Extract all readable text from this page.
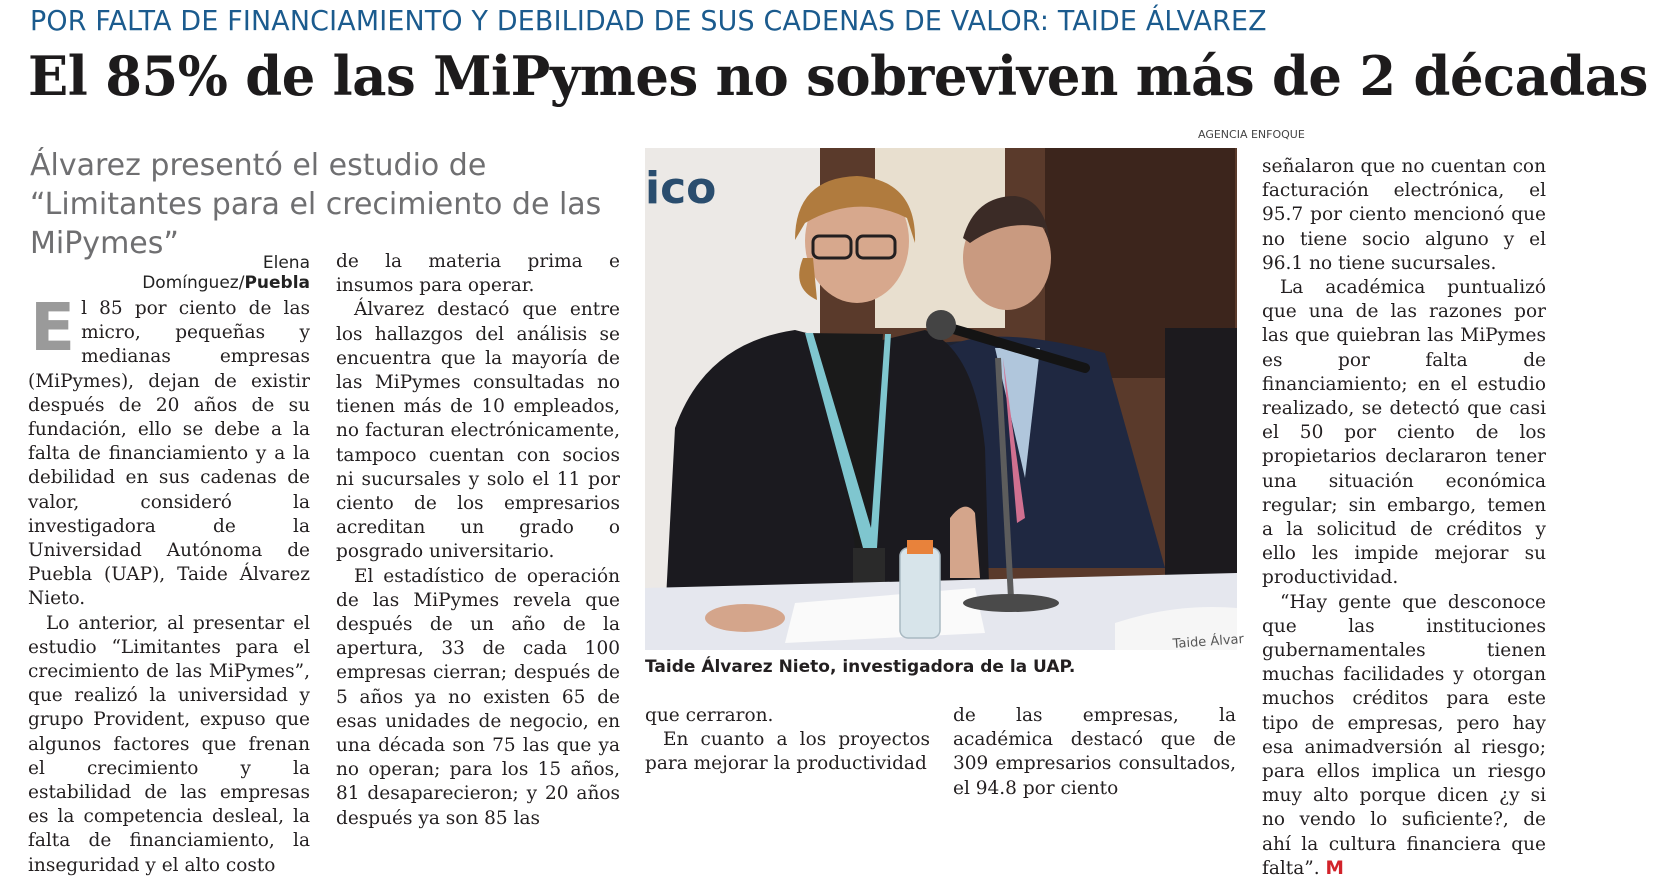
POR FALTA DE FINANCIAMIENTO Y DEBILIDAD DE SUS CADENAS DE VALOR: TAIDE ÁLVAREZ
El 85% de las MiPymes no sobreviven más de 2 décadas
Álvarez presentó el estudio de “Limitantes para el crecimiento de las MiPymes”
AGENCIA ENFOQUE
Elena Domínguez/Puebla

El 85 por ciento de las micro, pequeñas y medianas empresas (MiPymes), dejan de existir después de 20 años de su fundación, ello se debe a la falta de financiamiento y a la debilidad en sus cadenas de valor, consideró la investigadora de la Universidad Autónoma de Puebla (UAP), Taide Álvarez Nieto.

Lo anterior, al presentar el estudio “Limitantes para el crecimiento de las MiPymes”, que realizó la universidad y grupo Provident, expuso que algunos factores que frenan el crecimiento y la estabilidad de las empresas es la competencia desleal, la falta de financiamiento, la inseguridad y el alto costo

de la materia prima e insumos para operar.

Álvarez destacó que entre los hallazgos del análisis se encuentra que la mayoría de las MiPymes consultadas no tienen más de 10 empleados, no facturan electrónicamente, tampoco cuentan con socios ni sucursales y solo el 11 por ciento de los empresarios acreditan un grado o posgrado universitario.

El estadístico de operación de las MiPymes revela que después de un año de la apertura, 33 de cada 100 empresas cierran; después de 5 años ya no existen 65 de esas unidades de negocio, en una década son 75 las que ya no operan; para los 15 años, 81 desaparecieron; y 20 años después ya son 85 las

ico
Taide Álvar
Taide Álvarez Nieto, investigadora de la UAP.

que cerraron.

En cuanto a los proyectos para mejorar la productividad

de las empresas, la académica destacó que de 309 empresarios consultados, el 94.8 por ciento

señalaron que no cuentan con facturación electrónica, el 95.7 por ciento mencionó que no tiene socio alguno y el 96.1 no tiene sucursales.

La académica puntualizó que una de las razones por las que quiebran las MiPymes es por falta de financiamiento; en el estudio realizado, se detectó que casi el 50 por ciento de los propietarios declararon tener una situación económica regular; sin embargo, temen a la solicitud de créditos y ello les impide mejorar su productividad.

“Hay gente que desconoce que las instituciones gubernamentales tienen muchas facilidades y otorgan muchos créditos para este tipo de empresas, pero hay esa animadversión al riesgo; para ellos implica un riesgo muy alto porque dicen ¿y si no vendo lo suficiente?, de ahí la cultura financiera que falta”. M
